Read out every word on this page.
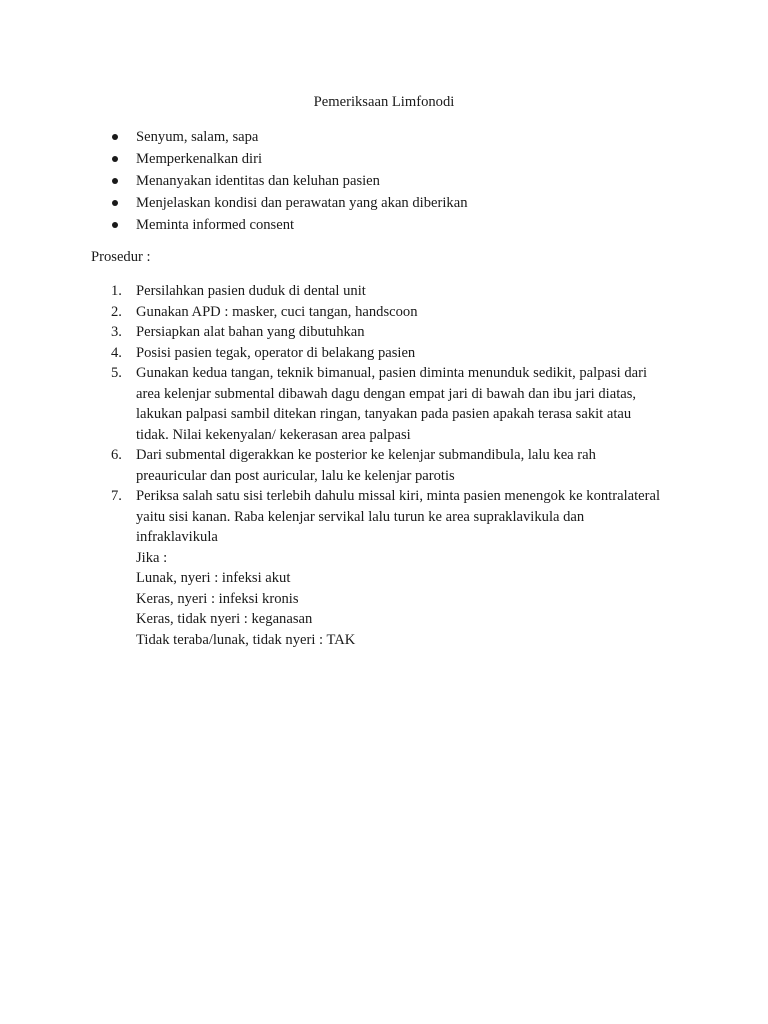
Pemeriksaan Limfonodi
Senyum, salam, sapa
Memperkenalkan diri
Menanyakan identitas dan keluhan pasien
Menjelaskan kondisi dan perawatan yang akan diberikan
Meminta informed consent
Prosedur :
1. Persilahkan pasien duduk di dental unit
2. Gunakan APD : masker, cuci tangan, handscoon
3. Persiapkan alat bahan yang dibutuhkan
4. Posisi pasien tegak, operator di belakang pasien
5. Gunakan kedua tangan, teknik bimanual, pasien diminta menunduk sedikit, palpasi dari
area kelenjar submental dibawah dagu dengan empat jari di bawah dan ibu jari diatas,
lakukan palpasi sambil ditekan ringan, tanyakan pada pasien apakah terasa sakit atau
tidak. Nilai kekenyalan/ kekerasan area palpasi
6. Dari submental digerakkan ke posterior ke kelenjar submandibula, lalu kea rah
preauricular dan post auricular, lalu ke kelenjar parotis
7. Periksa salah satu sisi terlebih dahulu missal kiri, minta pasien menengok ke kontralateral
yaitu sisi kanan. Raba kelenjar servikal lalu turun ke area supraklavikula dan
infraklavikula
Jika :
Lunak, nyeri : infeksi akut
Keras, nyeri : infeksi kronis
Keras, tidak nyeri : keganasan
Tidak teraba/lunak, tidak nyeri : TAK
